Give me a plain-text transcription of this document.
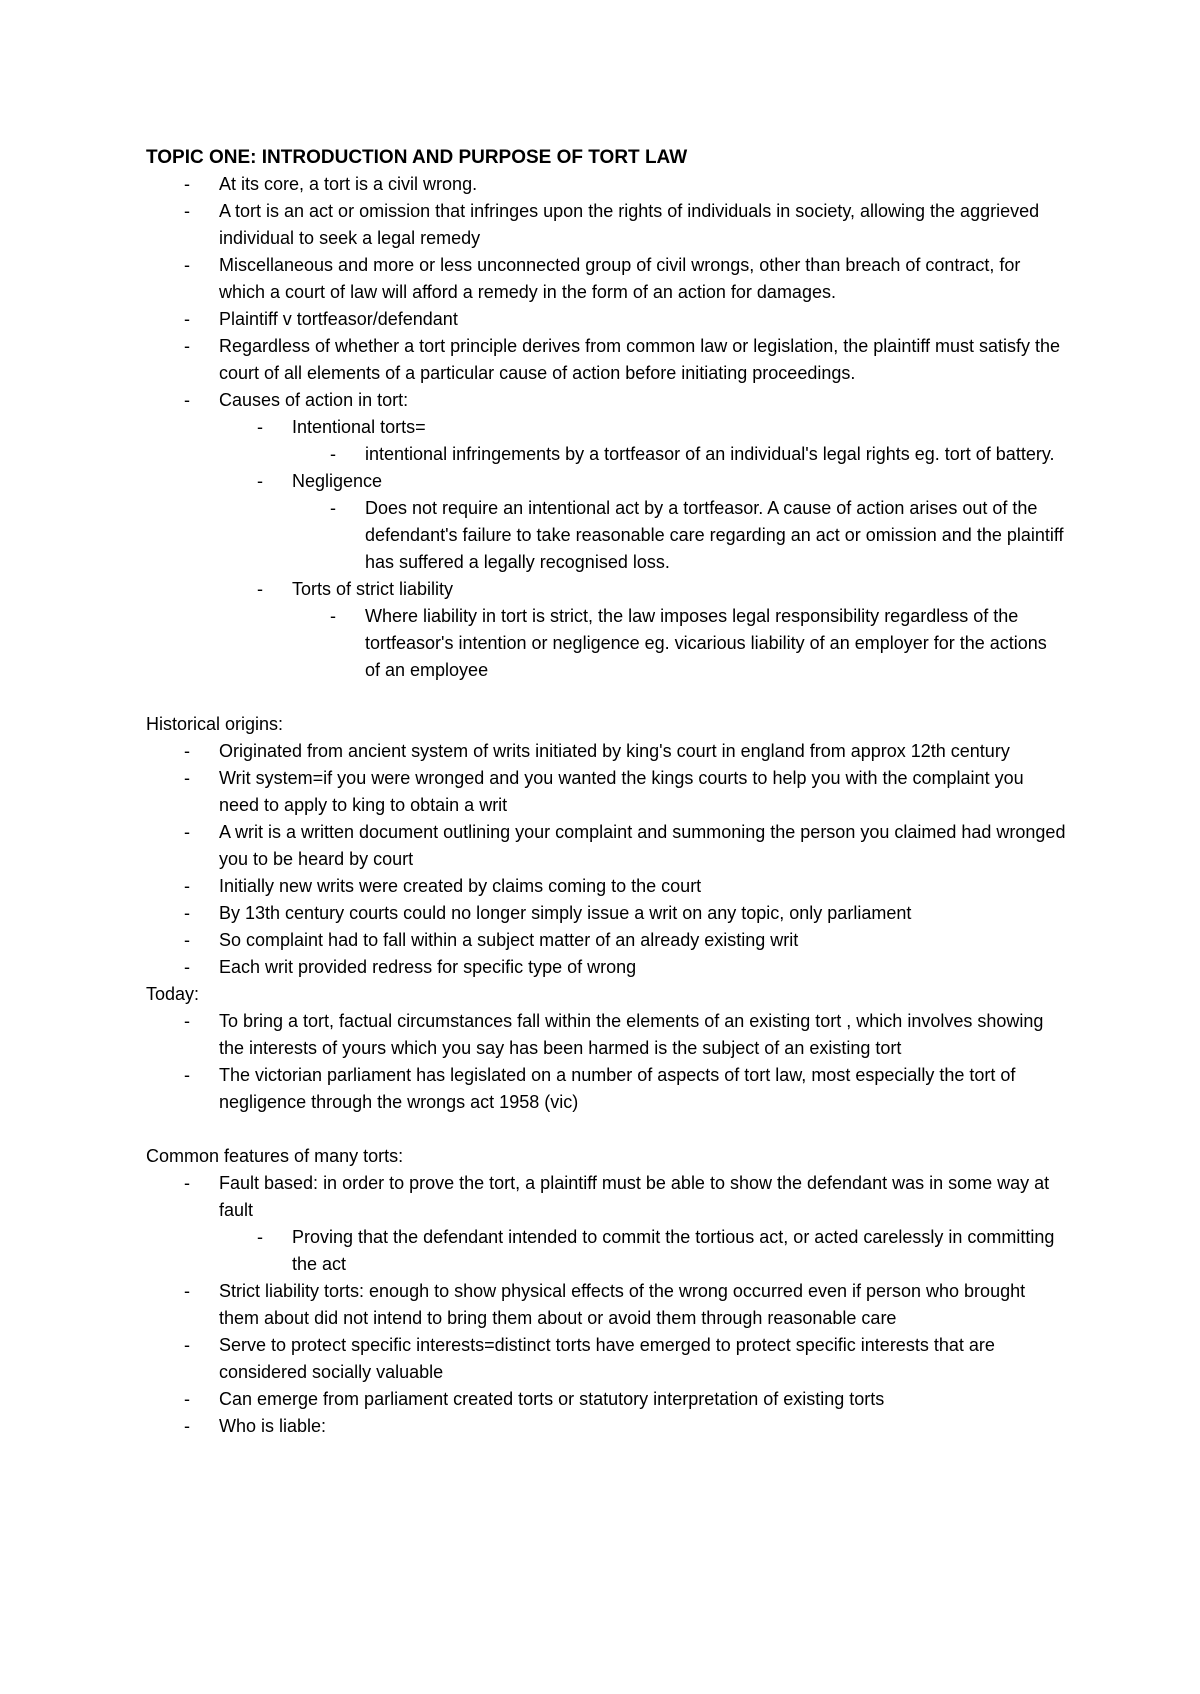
TOPIC ONE: INTRODUCTION AND PURPOSE OF TORT LAW

- At its core, a tort is a civil wrong.
- A tort is an act or omission that infringes upon the rights of individuals in society, allowing the aggrieved individual to seek a legal remedy
- Miscellaneous and more or less unconnected group of civil wrongs, other than breach of contract, for which a court of law will afford a remedy in the form of an action for damages.
- Plaintiff v tortfeasor/defendant
- Regardless of whether a tort principle derives from common law or legislation, the plaintiff must satisfy the court of all elements of a particular cause of action before initiating proceedings.
- Causes of action in tort:
- Intentional torts=
- intentional infringements by a tortfeasor of an individual's legal rights eg. tort of battery.
- Negligence
- Does not require an intentional act by a tortfeasor. A cause of action arises out of the defendant's failure to take reasonable care regarding an act or omission and the plaintiff has suffered a legally recognised loss.
- Torts of strict liability
- Where liability in tort is strict, the law imposes legal responsibility regardless of the tortfeasor's intention or negligence eg. vicarious liability of an employer for the actions of an employee

Historical origins:

- Originated from ancient system of writs initiated by king's court in england from approx 12th century
- Writ system=if you were wronged and you wanted the kings courts to help you with the complaint you need to apply to king to obtain a writ
- A writ is a written document outlining your complaint and summoning the person you claimed had wronged you to be heard by court
- Initially new writs were created by claims coming to the court
- By 13th century courts could no longer simply issue a writ on any topic, only parliament
- So complaint had to fall within a subject matter of an already existing writ
- Each writ provided redress for specific type of wrong

Today:

- To bring a tort, factual circumstances fall within the elements of an existing tort , which involves showing the interests of yours which you say has been harmed is the subject of an existing tort
- The victorian parliament has legislated on a number of aspects of tort law, most especially the tort of negligence through the wrongs act 1958 (vic)

Common features of many torts:

- Fault based: in order to prove the tort, a plaintiff must be able to show the defendant was in some way at fault
- Proving that the defendant intended to commit the tortious act, or acted carelessly in committing the act
- Strict liability torts: enough to show physical effects of the wrong occurred even if person who brought them about did not intend to bring them about or avoid them through reasonable care
- Serve to protect specific interests=distinct torts have emerged to protect specific interests that are considered socially valuable
- Can emerge from parliament created torts or statutory interpretation of existing torts
- Who is liable:
